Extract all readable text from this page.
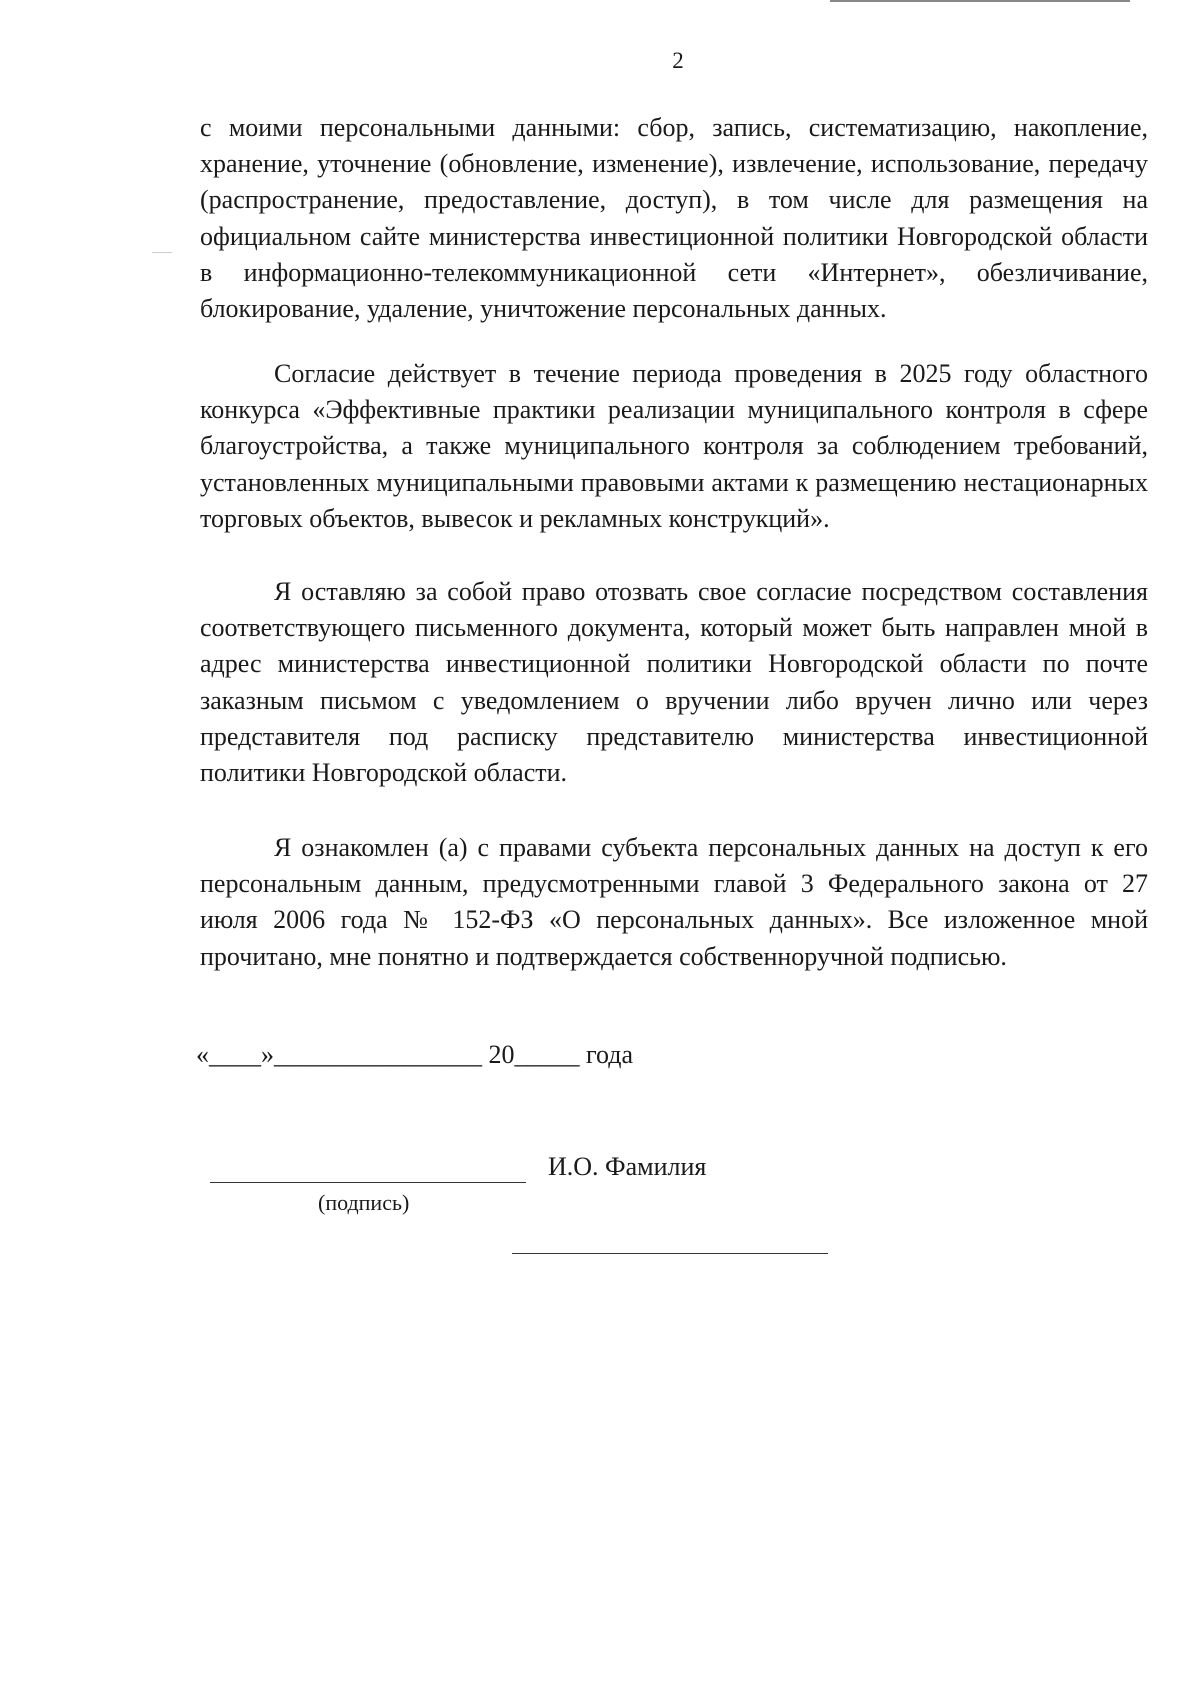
2

с моими персональными данными: сбор, запись, систематизацию, накопление, хранение, уточнение (обновление, изменение), извлечение, использование, передачу (распространение, предоставление, доступ), в том числе для размещения на официальном сайте министерства инвестиционной политики Новгородской области в информационно-телекоммуникационной сети «Интернет», обезличивание, блокирование, удаление, уничтожение персональных данных.

Согласие действует в течение периода проведения в 2025 году областного конкурса «Эффективные практики реализации муниципального контроля в сфере благоустройства, а также муниципального контроля за соблюдением требований, установленных муниципальными правовыми актами к размещению нестационарных торговых объектов, вывесок и рекламных конструкций».

Я оставляю за собой право отозвать свое согласие посредством составления соответствующего письменного документа, который может быть направлен мной в адрес министерства инвестиционной политики Новгородской области по почте заказным письмом с уведомлением о вручении либо вручен лично или через представителя под расписку представителю министерства инвестиционной политики Новгородской области.

Я ознакомлен (а) с правами субъекта персональных данных на доступ к его персональным данным, предусмотренными главой 3 Федерального закона от 27 июля 2006 года № 152-ФЗ «О персональных данных». Все изложенное мной прочитано, мне понятно и подтверждается собственноручной подписью.

«____»________________ 20_____ года
И.О. Фамилия
(подпись)
